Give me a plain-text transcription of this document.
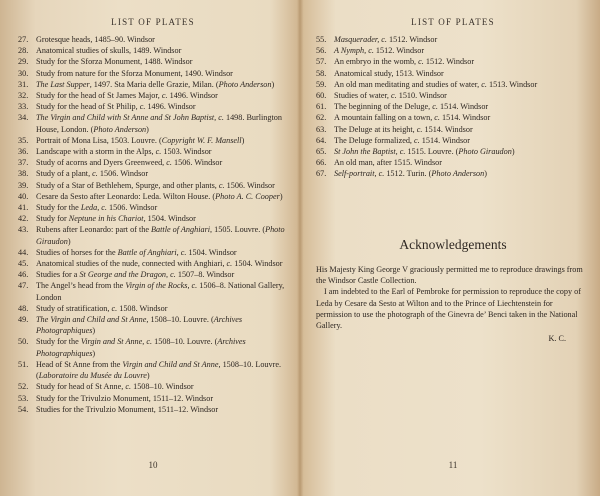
LIST OF PLATES
27. Grotesque heads, 1485–90. Windsor
28. Anatomical studies of skulls, 1489. Windsor
29. Study for the Sforza Monument, 1488. Windsor
30. Study from nature for the Sforza Monument, 1490. Windsor
31. The Last Supper, 1497. Sta Maria delle Grazie, Milan. (Photo Anderson)
32. Study for the head of St James Major, c. 1496. Windsor
33. Study for the head of St Philip, c. 1496. Windsor
34. The Virgin and Child with St Anne and St John Baptist, c. 1498. Burlington House, London. (Photo Anderson)
35. Portrait of Mona Lisa, 1503. Louvre. (Copyright W. F. Mansell)
36. Landscape with a storm in the Alps, c. 1503. Windsor
37. Study of acorns and Dyers Greenweed, c. 1506. Windsor
38. Study of a plant, c. 1506. Windsor
39. Study of a Star of Bethlehem, Spurge, and other plants, c. 1506. Windsor
40. Cesare da Sesto after Leonardo: Leda. Wilton House. (Photo A. C. Cooper)
41. Study for the Leda, c. 1506. Windsor
42. Study for Neptune in his Chariot, 1504. Windsor
43. Rubens after Leonardo: part of the Battle of Anghiari, 1505. Louvre. (Photo Giraudon)
44. Studies of horses for the Battle of Anghiari, c. 1504. Windsor
45. Anatomical studies of the nude, connected with Anghiari, c. 1504. Windsor
46. Studies for a St George and the Dragon, c. 1507–8. Windsor
47. The Angel’s head from the Virgin of the Rocks, c. 1506–8. National Gallery, London
48. Study of stratification, c. 1508. Windsor
49. The Virgin and Child and St Anne, 1508–10. Louvre. (Archives Photographiques)
50. Study for the Virgin and St Anne, c. 1508–10. Louvre. (Archives Photographiques)
51. Head of St Anne from the Virgin and Child and St Anne, 1508–10. Louvre. (Laboratoire du Musée du Louvre)
52. Study for head of St Anne, c. 1508–10. Windsor
53. Study for the Trivulzio Monument, 1511–12. Windsor
54. Studies for the Trivulzio Monument, 1511–12. Windsor
10
LIST OF PLATES
55. Masquerader, c. 1512. Windsor
56. A Nymph, c. 1512. Windsor
57. An embryo in the womb, c. 1512. Windsor
58. Anatomical study, 1513. Windsor
59. An old man meditating and studies of water, c. 1513. Windsor
60. Studies of water, c. 1510. Windsor
61. The beginning of the Deluge, c. 1514. Windsor
62. A mountain falling on a town, c. 1514. Windsor
63. The Deluge at its height, c. 1514. Windsor
64. The Deluge formalized, c. 1514. Windsor
65. St John the Baptist, c. 1515. Louvre. (Photo Giraudon)
66. An old man, after 1515. Windsor
67. Self-portrait, c. 1512. Turin. (Photo Anderson)
Acknowledgements

His Majesty King George V graciously permitted me to reproduce drawings from the Windsor Castle Collection.

I am indebted to the Earl of Pembroke for permission to reproduce the copy of Leda by Cesare da Sesto at Wilton and to the Prince of Liechtenstein for permission to use the photograph of the Ginevra de’ Benci taken in the National Gallery.

K. C.
11
